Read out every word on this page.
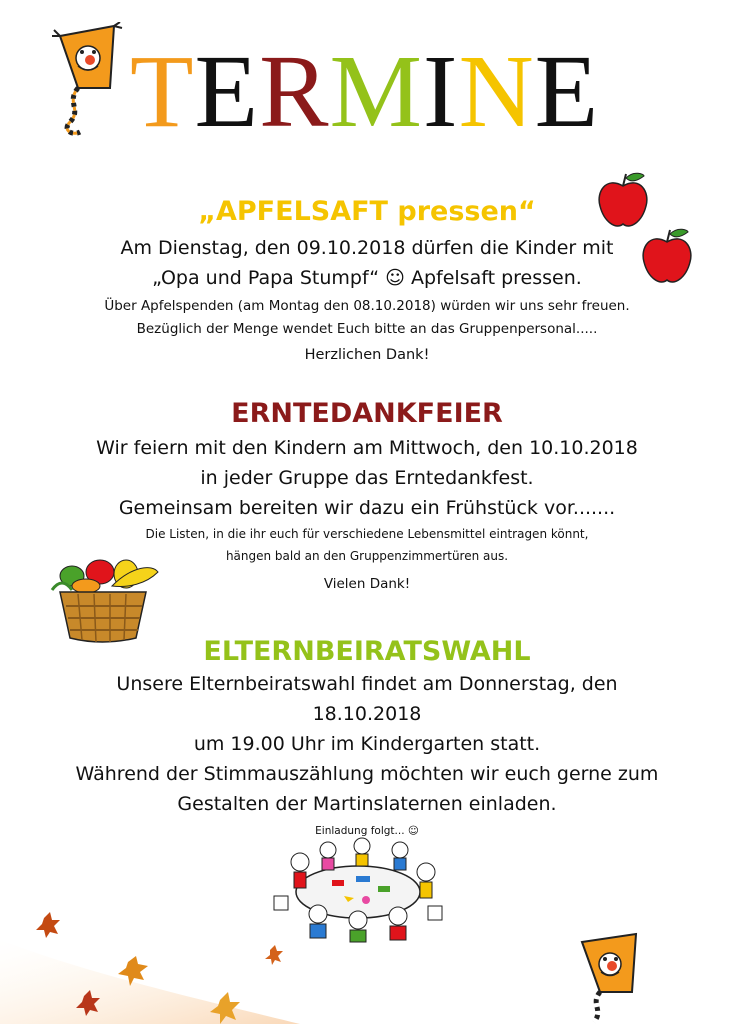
TERMINE

„APFELSAFT pressen“

Am Dienstag, den 09.10.2018 dürfen die Kinder mit

„Opa und Papa Stumpf“ ☺ Apfelsaft pressen.

Über Apfelspenden (am Montag den 08.10.2018) würden wir uns sehr freuen.

Bezüglich der Menge wendet Euch bitte an das Gruppenpersonal.....

Herzlichen Dank!

ERNTEDANKFEIER

Wir feiern mit den Kindern am Mittwoch, den 10.10.2018

in jeder Gruppe das Erntedankfest.

Gemeinsam bereiten wir dazu ein Frühstück vor.......

Die Listen, in die ihr euch für verschiedene Lebensmittel eintragen könnt,

hängen bald an den Gruppenzimmertüren aus.

Vielen Dank!

ELTERNBEIRATSWAHL

Unsere Elternbeiratswahl findet am Donnerstag, den

18.10.2018

um 19.00 Uhr im Kindergarten statt.

Während der Stimmauszählung möchten wir euch gerne zum

Gestalten der Martinslaternen einladen.

Einladung folgt... ☺
